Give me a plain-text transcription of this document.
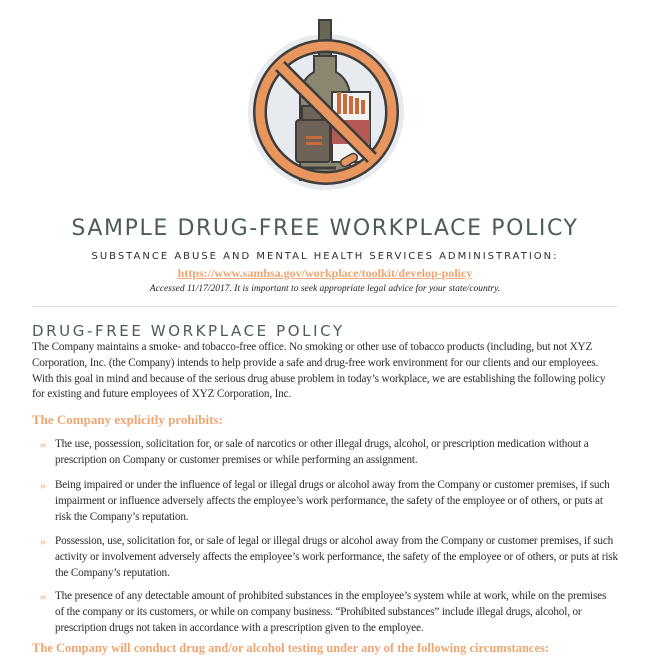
SAMPLE DRUG-FREE WORKPLACE POLICY
SUBSTANCE ABUSE AND MENTAL HEALTH SERVICES ADMINISTRATION:
https://www.samhsa.gov/workplace/toolkit/develop-policy
Accessed 11/17/2017. It is important to seek appropriate legal advice for your state/country.
DRUG-FREE WORKPLACE POLICY
The Company maintains a smoke- and tobacco-free office. No smoking or other use of tobacco products (including, but not XYZ
Corporation, Inc. (the Company) intends to help provide a safe and drug-free work environment for our clients and our employees.
With this goal in mind and because of the serious drug abuse problem in today’s workplace, we are establishing the following policy
for existing and future employees of XYZ Corporation, Inc.
The Company explicitly prohibits:
» The use, possession, solicitation for, or sale of narcotics or other illegal drugs, alcohol, or prescription medication without a
prescription on Company or customer premises or while performing an assignment.
» Being impaired or under the influence of legal or illegal drugs or alcohol away from the Company or customer premises, if such
impairment or influence adversely affects the employee’s work performance, the safety of the employee or of others, or puts at
risk the Company’s reputation.
» Possession, use, solicitation for, or sale of legal or illegal drugs or alcohol away from the Company or customer premises, if such
activity or involvement adversely affects the employee’s work performance, the safety of the employee or of others, or puts at risk
the Company’s reputation.
» The presence of any detectable amount of prohibited substances in the employee’s system while at work, while on the premises
of the company or its customers, or while on company business. “Prohibited substances” include illegal drugs, alcohol, or
prescription drugs not taken in accordance with a prescription given to the employee.
The Company will conduct drug and/or alcohol testing under any of the following circumstances:
